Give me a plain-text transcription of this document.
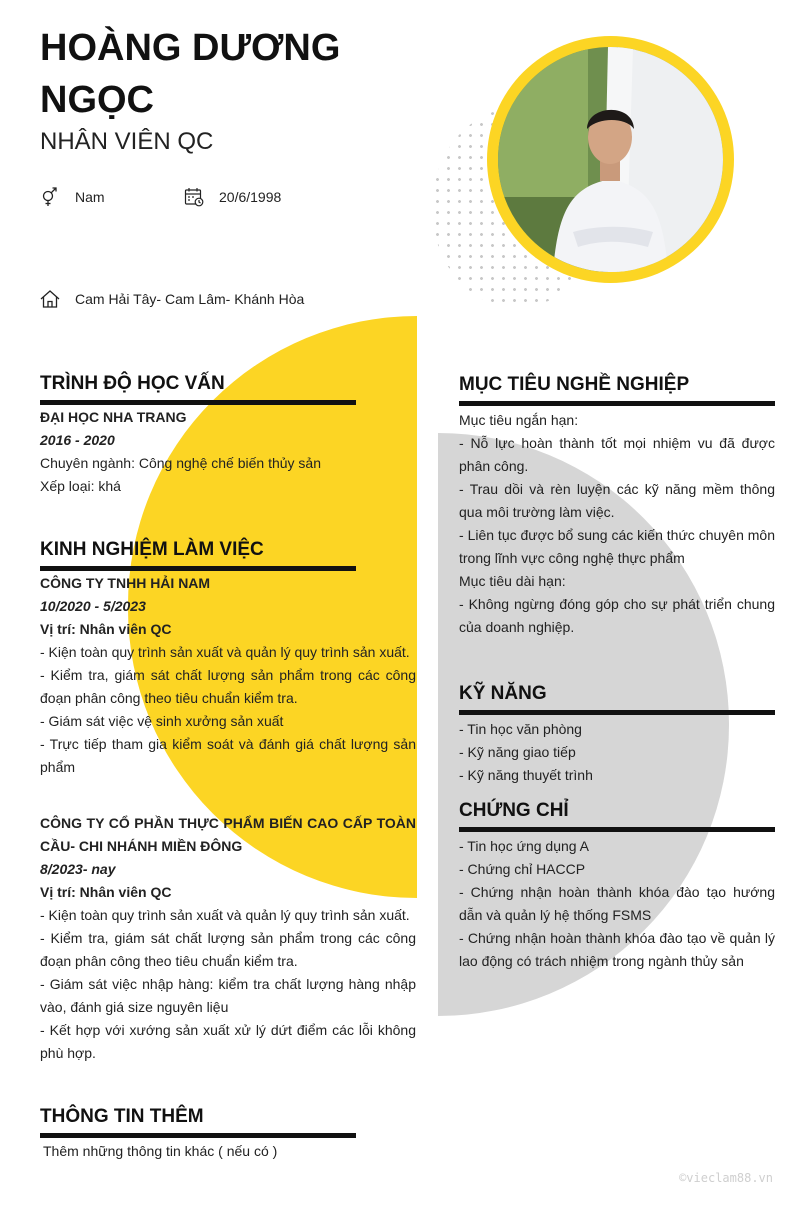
HOÀNG DƯƠNG NGỌC
NHÂN VIÊN QC
Nam	20/6/1998
Cam Hải Tây- Cam Lâm- Khánh Hòa
TRÌNH ĐỘ HỌC VẤN
ĐẠI HỌC NHA TRANG
2016 - 2020
Chuyên ngành: Công nghệ chế biến thủy sản
Xếp loại: khá
KINH NGHIỆM LÀM VIỆC
CÔNG TY TNHH HẢI NAM
10/2020 - 5/2023
Vị trí: Nhân viên QC
- Kiện toàn quy trình sản xuất và quản lý quy trình sản xuất.
- Kiểm tra, giám sát chất lượng sản phẩm trong các công đoạn phân công theo tiêu chuẩn kiểm tra.
- Giám sát việc vệ sinh xưởng sản xuất
- Trực tiếp tham gia kiểm soát và đánh giá chất lượng sản phẩm
CÔNG TY CỔ PHẦN THỰC PHẨM BIẾN CAO CẤP TOÀN CẦU- CHI NHÁNH MIỀN ĐÔNG
8/2023- nay
Vị trí: Nhân viên QC
- Kiện toàn quy trình sản xuất và quản lý quy trình sản xuất.
- Kiểm tra, giám sát chất lượng sản phẩm trong các công đoạn phân công theo tiêu chuẩn kiểm tra.
- Giám sát việc nhập hàng: kiểm tra chất lượng hàng nhập vào, đánh giá size nguyên liệu
- Kết hợp với xướng sản xuất xử lý dứt điểm các lỗi không phù hợp.
THÔNG TIN THÊM
Thêm những thông tin khác ( nếu có )
MỤC TIÊU NGHỀ NGHIỆP
Mục tiêu ngắn hạn:
- Nỗ lực hoàn thành tốt mọi nhiệm vu đã được phân công.
- Trau dồi và rèn luyện các kỹ năng mềm thông qua môi trường làm việc.
- Liên tục được bổ sung các kiến thức chuyên môn trong lĩnh vực công nghệ thực phẩm
Mục tiêu dài hạn:
- Không ngừng đóng góp cho sự phát triển chung của doanh nghiệp.
KỸ NĂNG
- Tin học văn phòng
- Kỹ năng giao tiếp
- Kỹ năng thuyết trình
CHỨNG CHỈ
- Tin học ứng dụng A
- Chứng chỉ HACCP
- Chứng nhận hoàn thành khóa đào tạo hướng dẫn và quản lý hệ thống FSMS
- Chứng nhận hoàn thành khóa đào tạo về quản lý lao động có trách nhiệm trong ngành thủy sản
©vieclam88.vn
